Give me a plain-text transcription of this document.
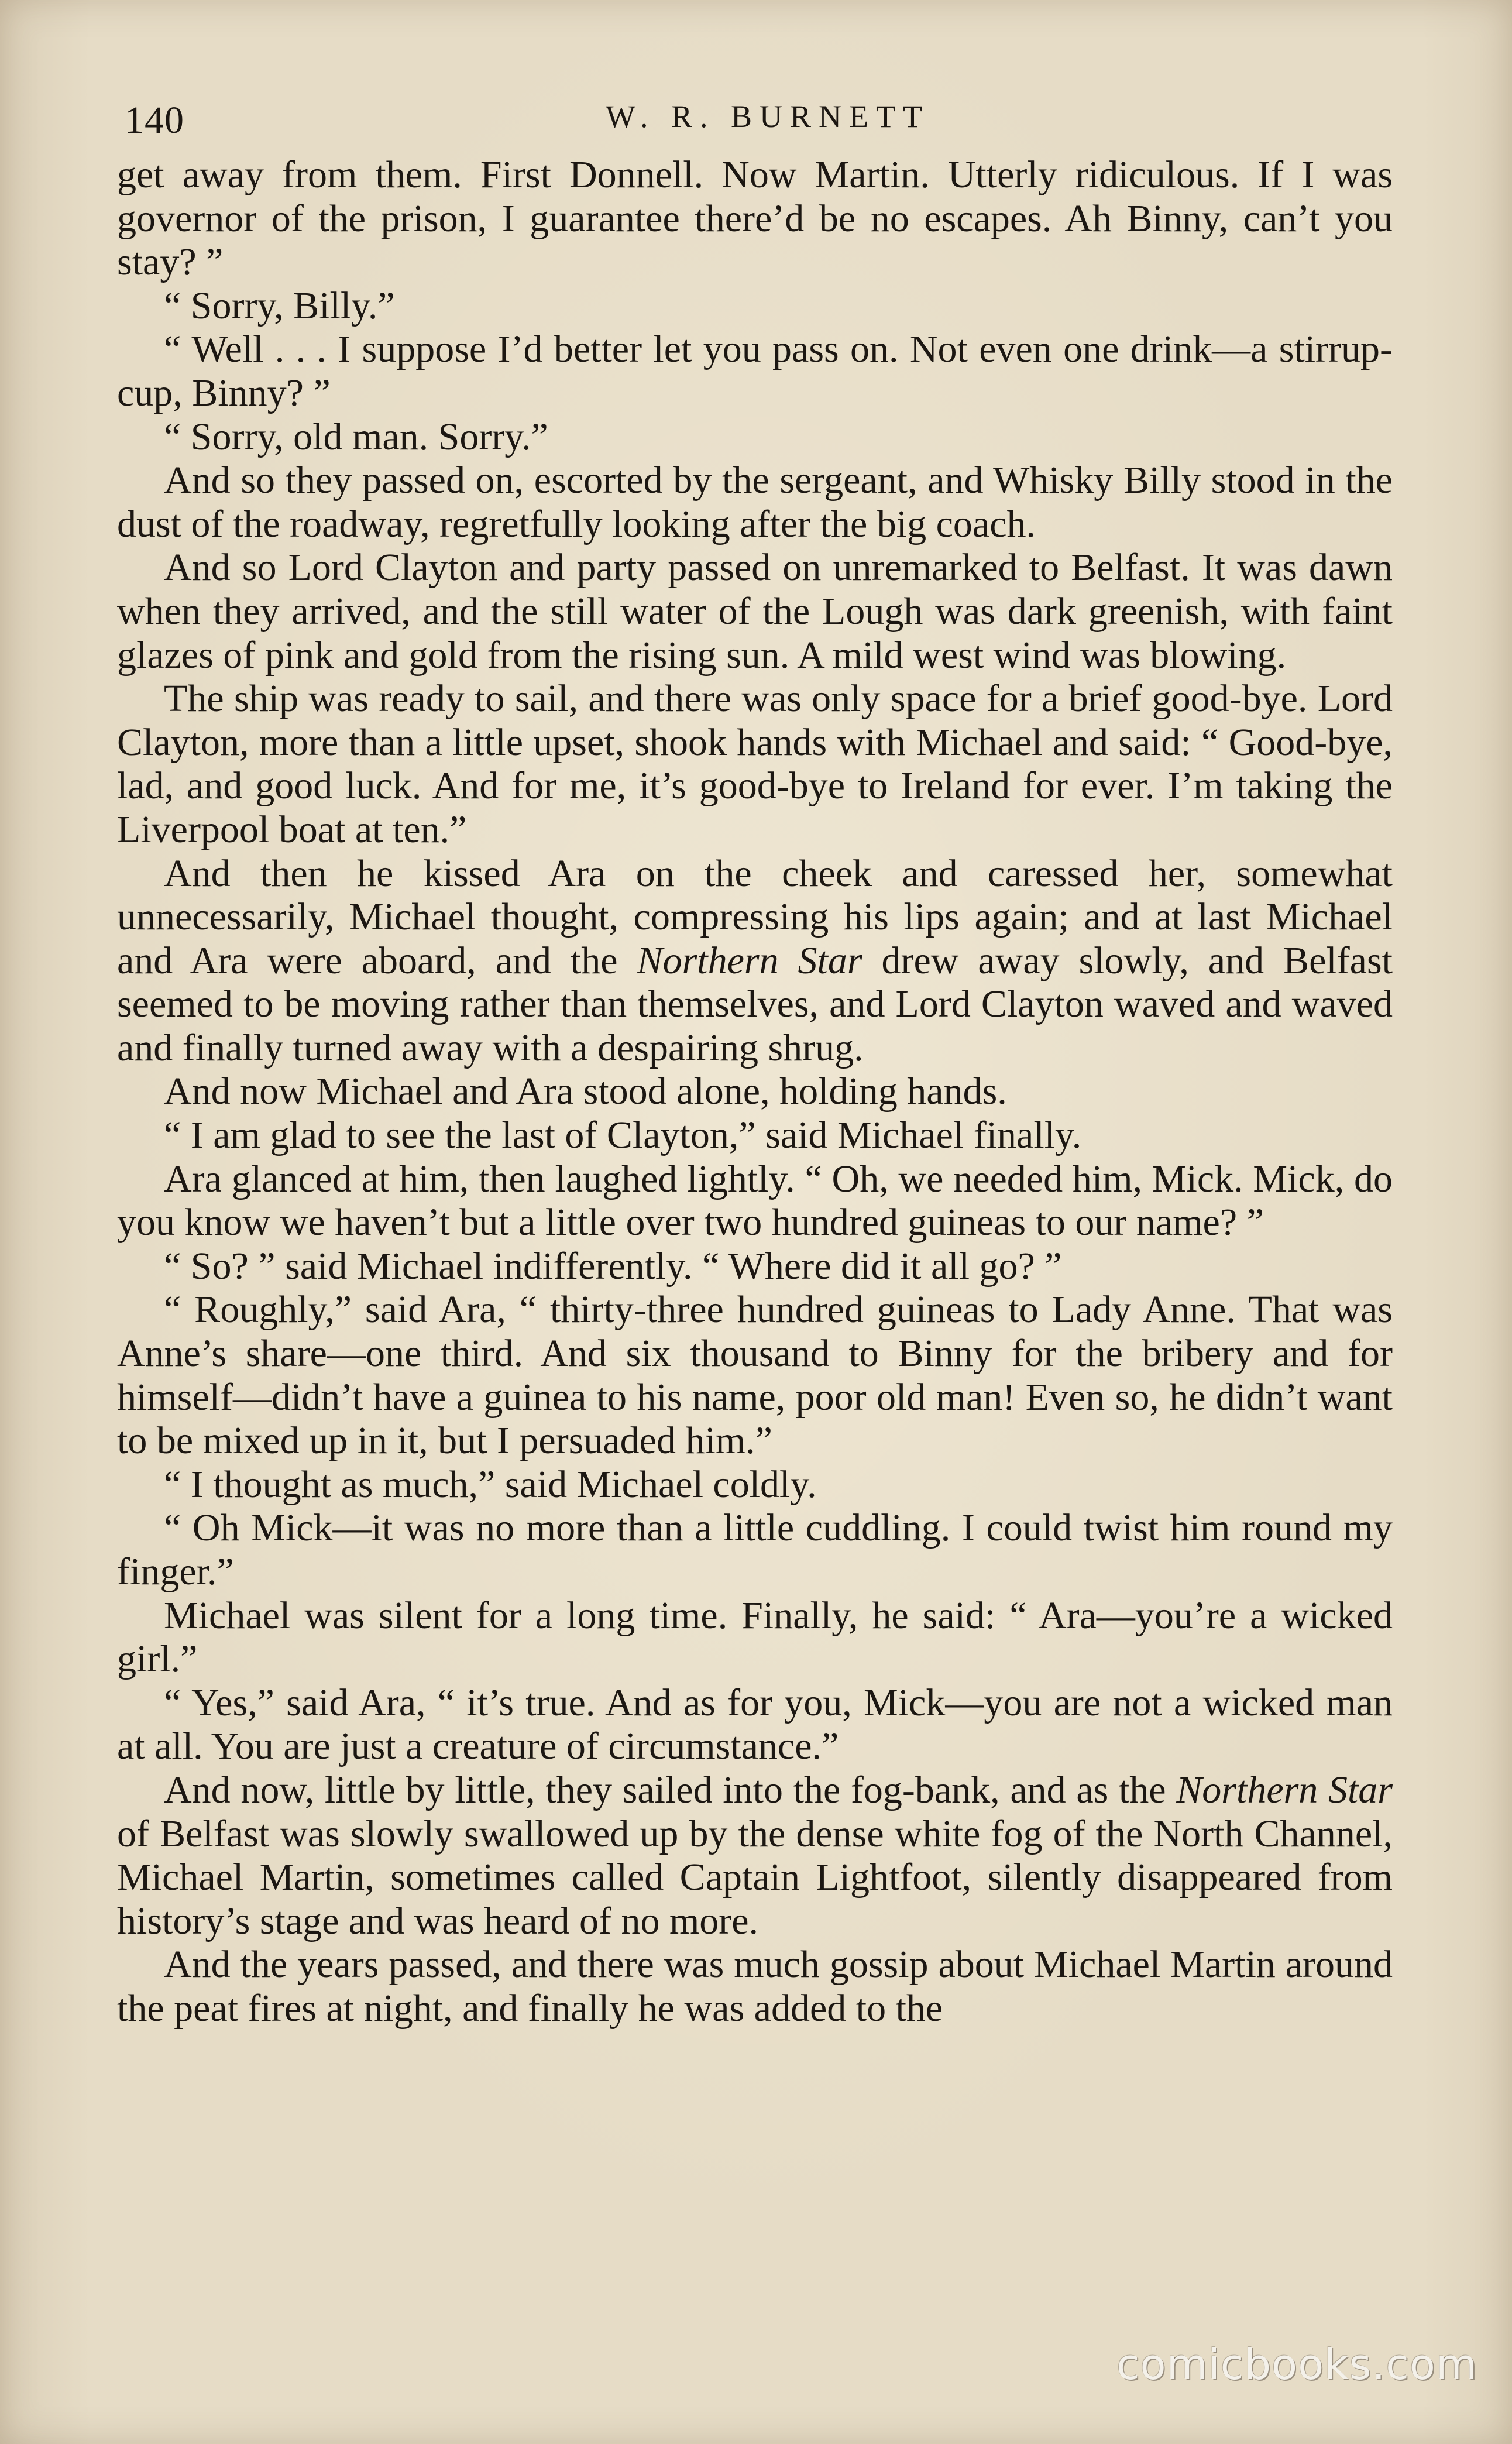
140	W. R. BURNETT

get away from them. First Donnell. Now Martin. Utterly ridiculous. If I was governor of the prison, I guarantee there’d be no escapes. Ah Binny, can’t you stay? ”

“ Sorry, Billy.”

“ Well . . . I suppose I’d better let you pass on. Not even one drink—a stirrup-cup, Binny? ”

“ Sorry, old man. Sorry.”

And so they passed on, escorted by the sergeant, and Whisky Billy stood in the dust of the roadway, regretfully looking after the big coach.

And so Lord Clayton and party passed on unremarked to Belfast. It was dawn when they arrived, and the still water of the Lough was dark greenish, with faint glazes of pink and gold from the rising sun. A mild west wind was blowing.

The ship was ready to sail, and there was only space for a brief good-bye. Lord Clayton, more than a little upset, shook hands with Michael and said: “ Good-bye, lad, and good luck. And for me, it’s good-bye to Ireland for ever. I’m taking the Liverpool boat at ten.”

And then he kissed Ara on the cheek and caressed her, somewhat unnecessarily, Michael thought, compressing his lips again; and at last Michael and Ara were aboard, and the Northern Star drew away slowly, and Belfast seemed to be moving rather than themselves, and Lord Clayton waved and waved and finally turned away with a despairing shrug.

And now Michael and Ara stood alone, holding hands.

“ I am glad to see the last of Clayton,” said Michael finally.

Ara glanced at him, then laughed lightly. “ Oh, we needed him, Mick. Mick, do you know we haven’t but a little over two hundred guineas to our name? ”

“ So? ” said Michael indifferently. “ Where did it all go? ”

“ Roughly,” said Ara, “ thirty-three hundred guineas to Lady Anne. That was Anne’s share—one third. And six thousand to Binny for the bribery and for himself—didn’t have a guinea to his name, poor old man! Even so, he didn’t want to be mixed up in it, but I persuaded him.”

“ I thought as much,” said Michael coldly.

“ Oh Mick—it was no more than a little cuddling. I could twist him round my finger.”

Michael was silent for a long time. Finally, he said: “ Ara—you’re a wicked girl.”

“ Yes,” said Ara, “ it’s true. And as for you, Mick—you are not a wicked man at all. You are just a creature of circumstance.”

And now, little by little, they sailed into the fog-bank, and as the Northern Star of Belfast was slowly swallowed up by the dense white fog of the North Channel, Michael Martin, sometimes called Captain Lightfoot, silently disappeared from history’s stage and was heard of no more.

And the years passed, and there was much gossip about Michael Martin around the peat fires at night, and finally he was added to the

comicbooks.com
